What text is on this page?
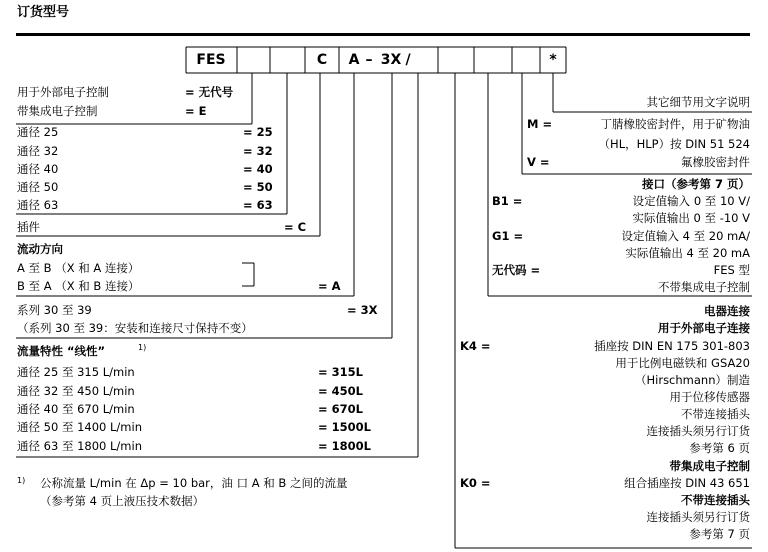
订货型号
FES	C	A – 3X /	*
用于外部电子控制	= 无代号
带集成电子控制	= E
通径 25	= 25
通径 32	= 32
通径 40	= 40
通径 50	= 50
通径 63	= 63
插件	= C
流动方向
A 至 B （X 和 A 连接）
B 至 A （X 和 B 连接）	= A
系列 30 至 39	= 3X
（系列 30 至 39：安装和连接尺寸保持不变）
流量特性 “线性”	1)
通径 25 至 315 L/min	= 315L
通径 32 至 450 L/min	= 450L
通径 40 至 670 L/min	= 670L
通径 50 至 1400 L/min	= 1500L
通径 63 至 1800 L/min	= 1800L
1) 公称流量 L/min 在 Δp = 10 bar，油 口 A 和 B 之间的流量
（参考第 4 页上液压技术数据）
其它细节用文字说明
M =	丁腈橡胶密封件，用于矿物油
（HL，HLP）按 DIN 51 524
V =	氟橡胶密封件
接口（参考第 7 页）
B1 =	设定值输入 0 至 10 V/
实际值输出 0 至 -10 V
G1 =	设定值输入 4 至 20 mA/
实际值输出 4 至 20 mA
无代码 =	FES 型
不带集成电子控制
电器连接
用于外部电子连接
K4 =	插座按 DIN EN 175 301-803
用于比例电磁铁和 GSA20
（Hirschmann）制造
用于位移传感器
不带连接插头
连接插头须另行订货
参考第 6 页
带集成电子控制
K0 =	组合插座按 DIN 43 651
不带连接插头
连接插头须另行订货
参考第 7 页
